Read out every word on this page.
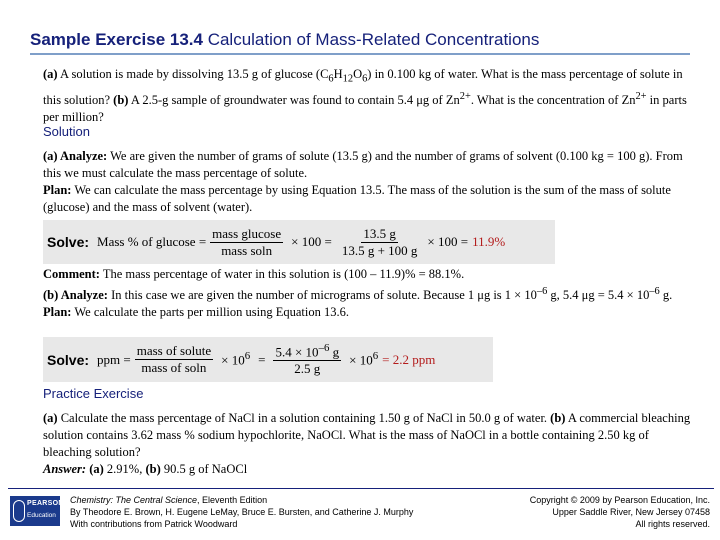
Sample Exercise 13.4 Calculation of Mass-Related Concentrations

(a) A solution is made by dissolving 13.5 g of glucose $(C_6H_{12}O_6)$ in 0.100 kg of water. What is the mass percentage of solute in this solution? (b) A 2.5-g sample of groundwater was found to contain 5.4 μg of $Zn^{2+}$. What is the concentration of $Zn^{2+}$ in parts per million?

Solution

(a) Analyze: We are given the number of grams of solute (13.5 g) and the number of grams of solvent (0.100 kg = 100 g). From this we must calculate the mass percentage of solute.

Plan: We can calculate the mass percentage by using Equation 13.5. The mass of the solution is the sum of the mass of solute (glucose) and the mass of solvent (water).

Solve: Mass % of $glucose = \frac{\text{mass glucose}}{\text{mass soln}} \times 100 = \frac{13.5 g}{13.5 g + 100 g} \times 100 = 11.9\%$

Comment: The mass percentage of water in this solution is (100 – 11.9)% = 88.1%.

(b) Analyze: In this case we are given the number of micrograms of solute. Because 1 μg is $1 \times 10^{-6}$ g, 5.4 $\mu g = 5.4 \times 10^{-6}$ g.

Plan: We calculate the parts per million using Equation 13.6.

Solve: ppm = $\frac{\text{mass of solute}}{\text{mass of soln}} \times 10^6 = \frac{5.4 \times 10^{-6} g}{2.5 g} \times 10^6 = 2.2$ ppm
Practice Exercise

(a) Calculate the mass percentage of NaCl in a solution containing 1.50 g of NaCl in 50.0 g of water. (b) A commercial bleaching solution contains 3.62 mass % sodium hypochlorite, NaOCl. What is the mass of NaOCl in a bottle containing 2.50 kg of bleaching solution?

Answer: (a) 2.91%, (b) 90.5 g of NaOCl

PEARSON
Education
Chemistry: The Central Science, Eleventh Edition
By Theodore E. Brown, H. Eugene LeMay, Bruce E. Bursten, and Catherine J. Murphy
With contributions from Patrick Woodward
Copyright © 2009 by Pearson Education, Inc.
Upper Saddle River, New Jersey 07458
All rights reserved.
